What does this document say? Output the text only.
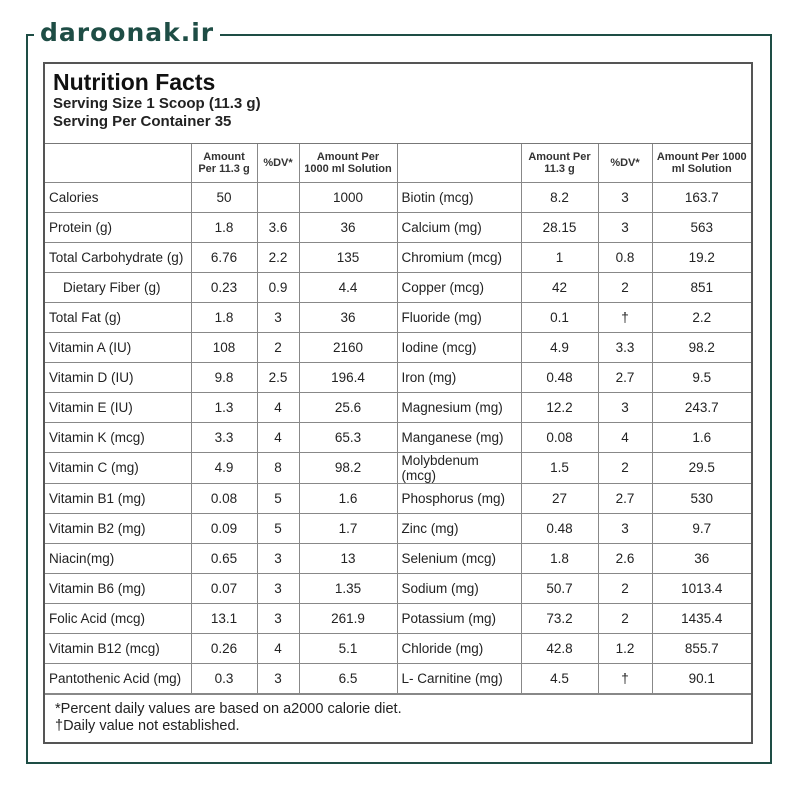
daroonak.ir
Nutrition Facts
Serving Size 1 Scoop (11.3 g)
Serving Per Container 35
	Amount Per 11.3 g	%DV*	Amount Per 1000 ml Solution		Amount Per 11.3 g	%DV*	Amount Per 1000 ml Solution
Calories	50		1000	Biotin (mcg)	8.2	3	163.7
Protein (g)	1.8	3.6	36	Calcium (mg)	28.15	3	563
Total Carbohydrate (g)	6.76	2.2	135	Chromium (mcg)	1	0.8	19.2
Dietary Fiber (g)	0.23	0.9	4.4	Copper (mcg)	42	2	851
Total Fat (g)	1.8	3	36	Fluoride (mg)	0.1	†	2.2
Vitamin A (IU)	108	2	2160	Iodine (mcg)	4.9	3.3	98.2
Vitamin D (IU)	9.8	2.5	196.4	Iron (mg)	0.48	2.7	9.5
Vitamin E (IU)	1.3	4	25.6	Magnesium (mg)	12.2	3	243.7
Vitamin K (mcg)	3.3	4	65.3	Manganese (mg)	0.08	4	1.6
Vitamin C (mg)	4.9	8	98.2	Molybdenum (mcg)	1.5	2	29.5
Vitamin B1 (mg)	0.08	5	1.6	Phosphorus (mg)	27	2.7	530
Vitamin B2 (mg)	0.09	5	1.7	Zinc (mg)	0.48	3	9.7
Niacin(mg)	0.65	3	13	Selenium (mcg)	1.8	2.6	36
Vitamin B6 (mg)	0.07	3	1.35	Sodium (mg)	50.7	2	1013.4
Folic Acid (mcg)	13.1	3	261.9	Potassium (mg)	73.2	2	1435.4
Vitamin B12 (mcg)	0.26	4	5.1	Chloride (mg)	42.8	1.2	855.7
Pantothenic Acid (mg)	0.3	3	6.5	L- Carnitine (mg)	4.5	†	90.1
*Percent daily values are based on a2000 calorie diet.
†Daily value not established.
